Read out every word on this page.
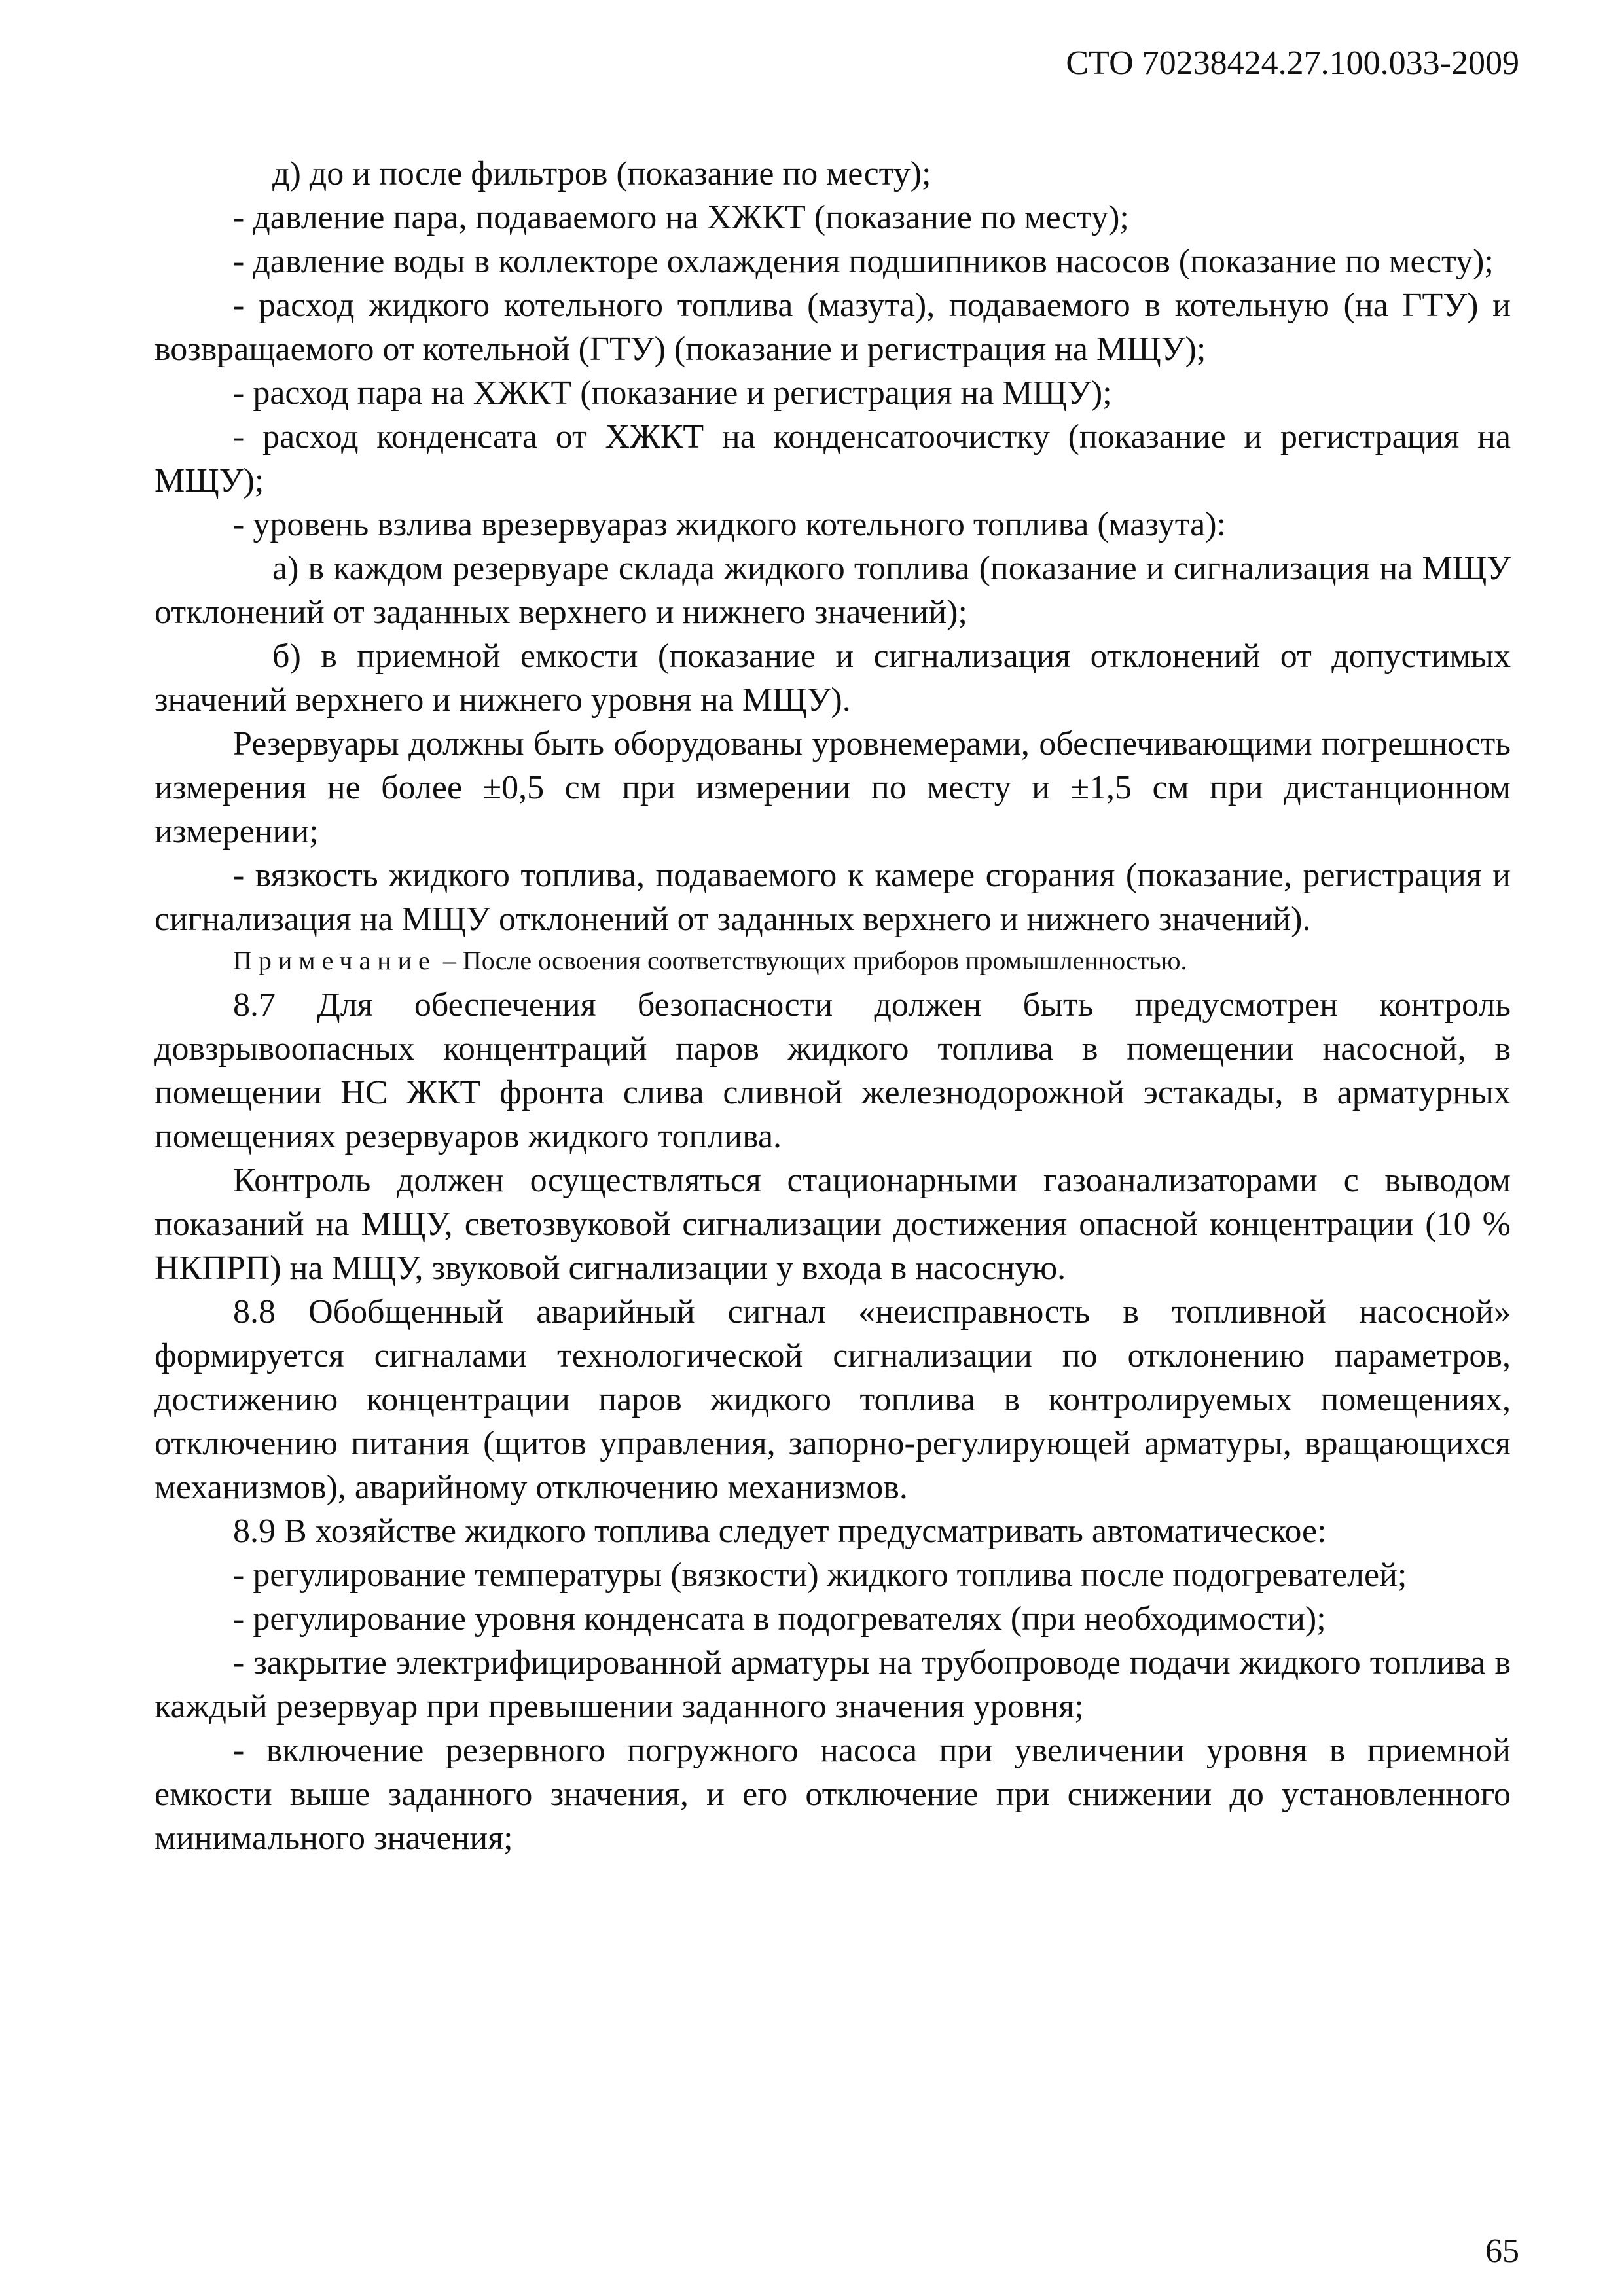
СТО 70238424.27.100.033-2009

д) до и после фильтров (показание по месту);

- давление пара, подаваемого на ХЖКТ (показание по месту);

- давление воды в коллекторе охлаждения подшипников насосов (показание по месту);

- расход жидкого котельного топлива (мазута), подаваемого в котельную (на ГТУ) и возвращаемого от котельной (ГТУ) (показание и регистрация на МЩУ);

- расход пара на ХЖКТ (показание и регистрация на МЩУ);

- расход конденсата от ХЖКТ на конденсатоочистку (показание и регистрация на МЩУ);

- уровень взлива врезервуараз жидкого котельного топлива (мазута):

а) в каждом резервуаре склада жидкого топлива (показание и сигнализация на МЩУ отклонений от заданных верхнего и нижнего значений);

б) в приемной емкости (показание и сигнализация отклонений от допустимых значений верхнего и нижнего уровня на МЩУ).

Резервуары должны быть оборудованы уровнемерами, обеспечивающими погрешность измерения не более ±0,5 см при измерении по месту и ±1,5 см при дистанционном измерении;

- вязкость жидкого топлива, подаваемого к камере сгорания (показание, регистрация и сигнализация на МЩУ отклонений от заданных верхнего и нижнего значений).

Примечание – После освоения соответствующих приборов промышленностью.

8.7 Для обеспечения безопасности должен быть предусмотрен контроль довзрывоопасных концентраций паров жидкого топлива в помещении насосной, в помещении НС ЖКТ фронта слива сливной железнодорожной эстакады, в арматурных помещениях резервуаров жидкого топлива.

Контроль должен осуществляться стационарными газоанализаторами с выводом показаний на МЩУ, светозвуковой сигнализации достижения опасной концентрации (10 % НКПРП) на МЩУ, звуковой сигнализации у входа в насосную.

8.8 Обобщенный аварийный сигнал «неисправность в топливной насосной» формируется сигналами технологической сигнализации по отклонению параметров, достижению концентрации паров жидкого топлива в контролируемых помещениях, отключению питания (щитов управления, запорно-регулирующей арматуры, вращающихся механизмов), аварийному отключению механизмов.

8.9 В хозяйстве жидкого топлива следует предусматривать автоматическое:

- регулирование температуры (вязкости) жидкого топлива после подогревателей;

- регулирование уровня конденсата в подогревателях (при необходимости);

- закрытие электрифицированной арматуры на трубопроводе подачи жидкого топлива в каждый резервуар при превышении заданного значения уровня;

- включение резервного погружного насоса при увеличении уровня в приемной емкости выше заданного значения, и его отключение при снижении до установленного минимального значения;

65
